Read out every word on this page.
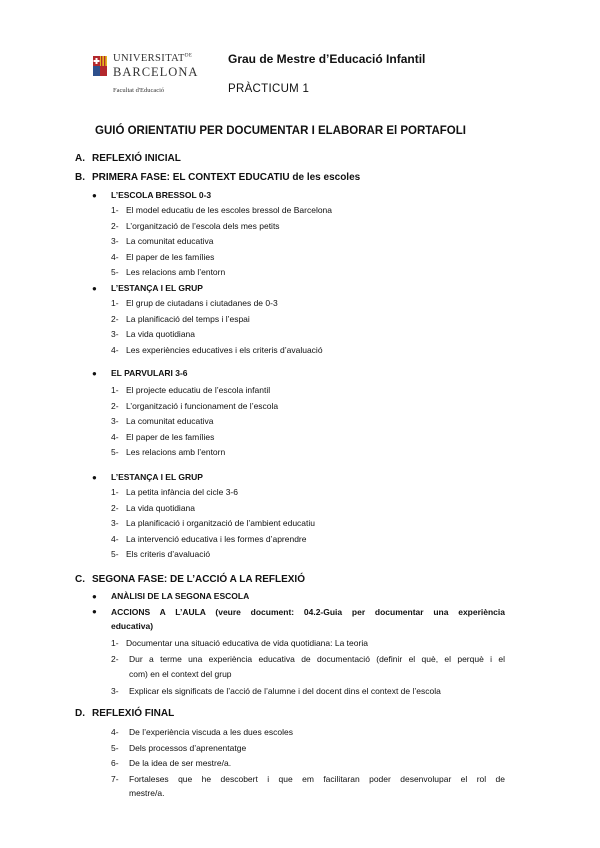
$UNIVERSITAT^{DE}$
BARCELONA
Facultat d'Educació
Grau de Mestre d’Educació Infantil
PRÀCTICUM 1
GUIÓ ORIENTATIU PER DOCUMENTAR I ELABORAR El PORTAFOLI
A. REFLEXIÓ INICIAL
B. PRIMERA FASE: EL CONTEXT EDUCATIU de les escoles
● L’ESCOLA BRESSOL 0-3
1- El model educatiu de les escoles bressol de Barcelona
2- L’organització de l’escola dels mes petits
3- La comunitat educativa
4- El paper de les famílies
5- Les relacions amb l’entorn
● L’ESTANÇA I EL GRUP
1- El grup de ciutadans i ciutadanes de 0-3
2- La planificació del temps i l’espai
3- La vida quotidiana
4- Les experiències educatives i els criteris d’avaluació
● EL PARVULARI 3-6
1- El projecte educatiu de l’escola infantil
2- L’organització i funcionament de l’escola
3- La comunitat educativa
4- El paper de les famílies
5- Les relacions amb l’entorn
● L’ESTANÇA I EL GRUP
1- La petita infància del cicle 3-6
2- La vida quotidiana
3- La planificació i organització de l’ambient educatiu
4- La intervenció educativa i les formes d’aprendre
5- Els criteris d’avaluació
C. SEGONA FASE: DE L’ACCIÓ A LA REFLEXIÓ
● ANÀLISI DE LA SEGONA ESCOLA
●	ACCIONS A L’AULA (veure document: 04.2-Guia per documentar una experiència
educativa)
1- Documentar una situació educativa de vida quotidiana: La teoria
2-	Dur a terme una experiència educativa de documentació (definir el què, el perquè i el
com) en el context del grup
3- Explicar els significats de l’acció de l’alumne i del docent dins el context de l’escola
D. REFLEXIÓ FINAL
4- De l’experiència viscuda a les dues escoles
5- Dels processos d’aprenentatge
6- De la idea de ser mestre/a.
7-	Fortaleses que he descobert i que em facilitaran poder desenvolupar el rol de
mestre/a.
